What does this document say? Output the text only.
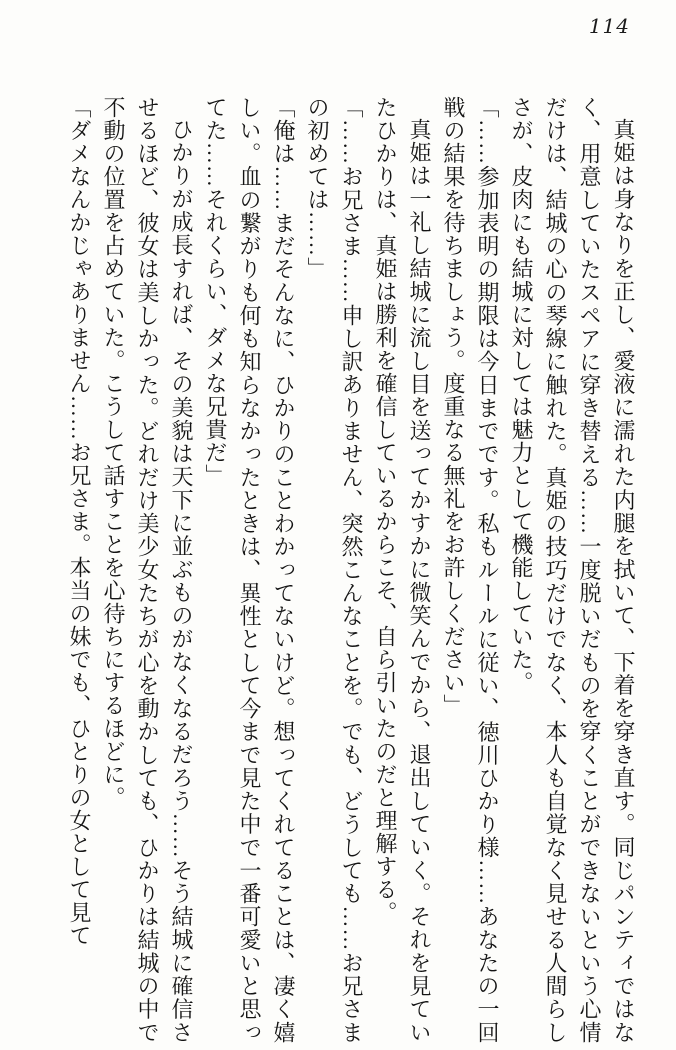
114

真姫は身なりを正し、愛液に濡れた内腿を拭いて、下着を穿き直す。同じパンティではなく、用意していたスペアに穿き替える……一度脱いだものを穿くことができないという心情だけは、結城の心の琴線に触れた。真姫の技巧だけでなく、本人も自覚なく見せる人間らしさが、皮肉にも結城に対しては魅力として機能していた。

「……参加表明の期限は今日までです。私もルールに従い、徳川ひかり様……あなたの一回戦の結果を待ちましょう。度重なる無礼をお許しください」

真姫は一礼し結城に流し目を送ってかすかに微笑んでから、退出していく。それを見ていたひかりは、真姫は勝利を確信しているからこそ、自ら引いたのだと理解する。

「……お兄さま……申し訳ありません、突然こんなことを。でも、どうしても……お兄さまの初めては……」

「俺は……まだそんなに、ひかりのことわかってないけど。想ってくれてることは、凄く嬉しい。血の繋がりも何も知らなかったときは、異性として今まで見た中で一番可愛いと思ってた……それくらい、ダメな兄貴だ」

ひかりが成長すれば、その美貌は天下に並ぶものがなくなるだろう……そう結城に確信させるほど、彼女は美しかった。どれだけ美少女たちが心を動かしても、ひかりは結城の中で不動の位置を占めていた。こうして話すことを心待ちにするほどに。

「ダメなんかじゃありません……お兄さま。本当の妹でも、ひとりの女として見て
